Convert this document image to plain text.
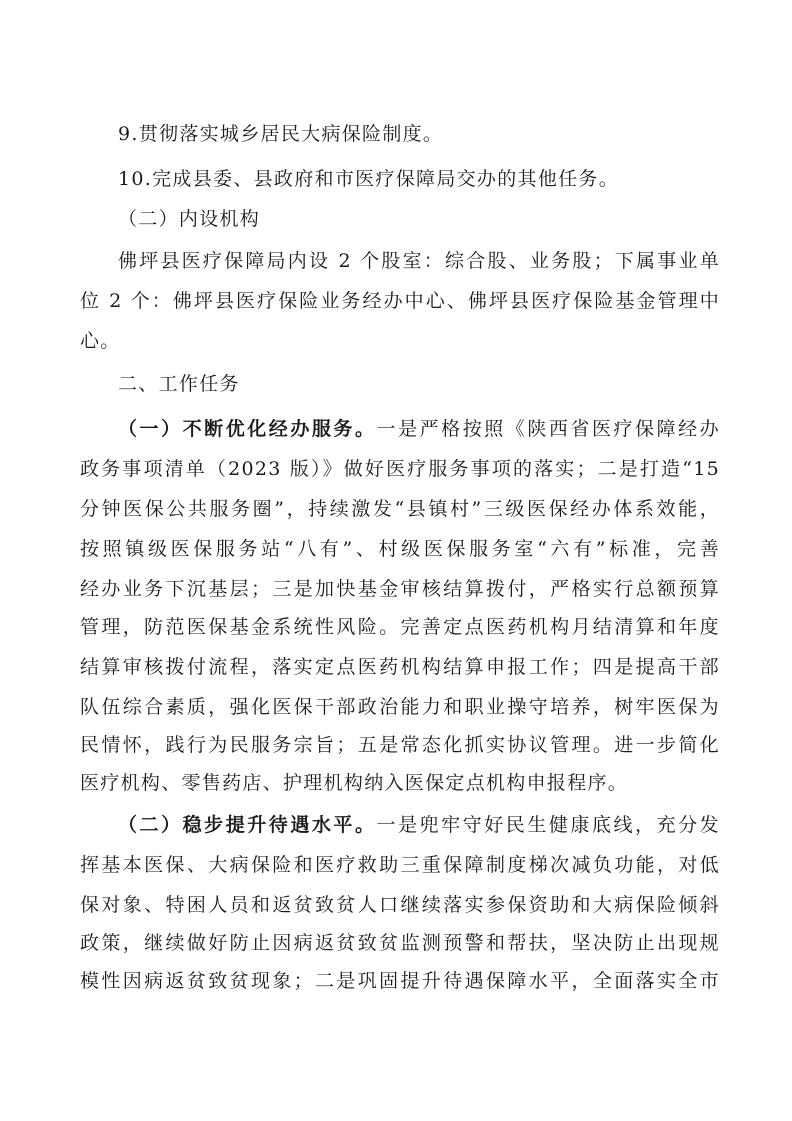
9.贯彻落实城乡居民大病保险制度。
10.完成县委、县政府和市医疗保障局交办的其他任务。
（二）内设机构
佛坪县医疗保障局内设 2 个股室：综合股、业务股；下属事业单
位 2 个：佛坪县医疗保险业务经办中心、佛坪县医疗保险基金管理中
心。
二、工作任务
（一）不断优化经办服务。一是严格按照《陕西省医疗保障经办
政务事项清单（2023 版）》做好医疗服务事项的落实；二是打造“15
分钟医保公共服务圈”，持续激发“县镇村”三级医保经办体系效能，
按照镇级医保服务站“八有”、村级医保服务室“六有”标准，完善
经办业务下沉基层；三是加快基金审核结算拨付，严格实行总额预算
管理，防范医保基金系统性风险。完善定点医药机构月结清算和年度
结算审核拨付流程，落实定点医药机构结算申报工作；四是提高干部
队伍综合素质，强化医保干部政治能力和职业操守培养，树牢医保为
民情怀，践行为民服务宗旨；五是常态化抓实协议管理。进一步简化
医疗机构、零售药店、护理机构纳入医保定点机构申报程序。
（二）稳步提升待遇水平。一是兜牢守好民生健康底线，充分发
挥基本医保、大病保险和医疗救助三重保障制度梯次减负功能，对低
保对象、特困人员和返贫致贫人口继续落实参保资助和大病保险倾斜
政策，继续做好防止因病返贫致贫监测预警和帮扶，坚决防止出现规
模性因病返贫致贫现象；二是巩固提升待遇保障水平，全面落实全市
